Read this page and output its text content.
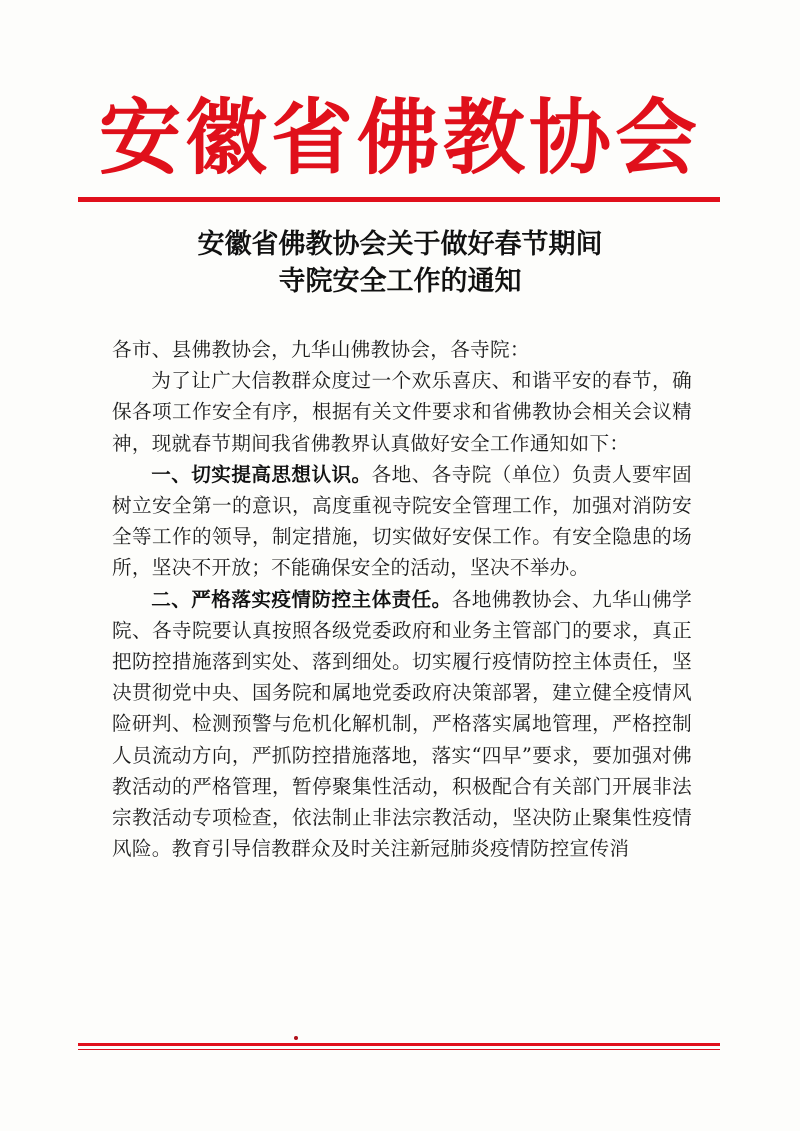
安徽省佛教协会
安徽省佛教协会关于做好春节期间
寺院安全工作的通知

各市、县佛教协会，九华山佛教协会，各寺院：

为了让广大信教群众度过一个欢乐喜庆、和谐平安的春节，确保各项工作安全有序，根据有关文件要求和省佛教协会相关会议精神，现就春节期间我省佛教界认真做好安全工作通知如下：

一、切实提高思想认识。各地、各寺院（单位）负责人要牢固树立安全第一的意识，高度重视寺院安全管理工作，加强对消防安全等工作的领导，制定措施，切实做好安保工作。有安全隐患的场所，坚决不开放；不能确保安全的活动，坚决不举办。

二、严格落实疫情防控主体责任。各地佛教协会、九华山佛学院、各寺院要认真按照各级党委政府和业务主管部门的要求，真正把防控措施落到实处、落到细处。切实履行疫情防控主体责任，坚决贯彻党中央、国务院和属地党委政府决策部署，建立健全疫情风险研判、检测预警与危机化解机制，严格落实属地管理，严格控制人员流动方向，严抓防控措施落地，落实“四早”要求，要加强对佛教活动的严格管理，暂停聚集性活动，积极配合有关部门开展非法宗教活动专项检查，依法制止非法宗教活动，坚决防止聚集性疫情风险。教育引导信教群众及时关注新冠肺炎疫情防控宣传消
